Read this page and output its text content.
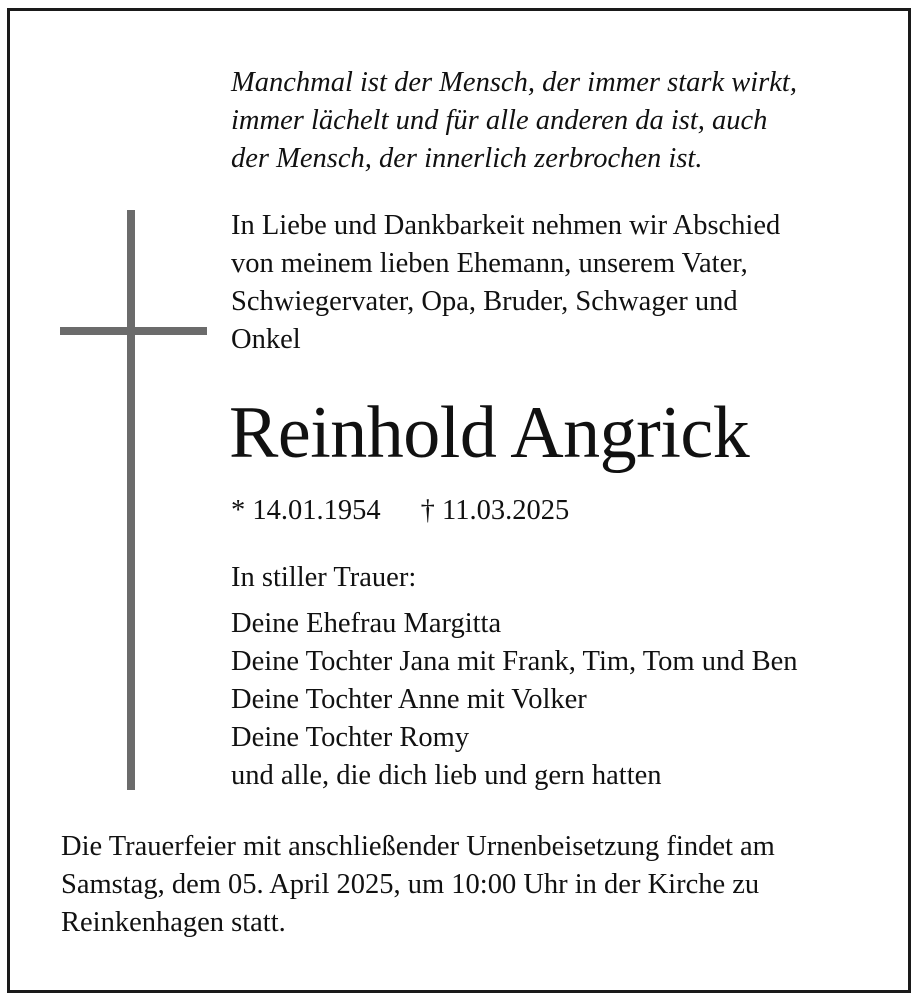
Manchmal ist der Mensch, der immer stark wirkt,
immer lächelt und für alle anderen da ist, auch
der Mensch, der innerlich zerbrochen ist.

In Liebe und Dankbarkeit nehmen wir Abschied
von meinem lieben Ehemann, unserem Vater,
Schwiegervater, Opa, Bruder, Schwager und
Onkel

Reinhold Angrick
* 14.01.1954 † 11.03.2025
In stiller Trauer:
Deine Ehefrau Margitta
Deine Tochter Jana mit Frank, Tim, Tom und Ben
Deine Tochter Anne mit Volker
Deine Tochter Romy
und alle, die dich lieb und gern hatten

Die Trauerfeier mit anschließender Urnenbeisetzung findet am
Samstag, dem 05. April 2025, um 10:00 Uhr in der Kirche zu
Reinkenhagen statt.
